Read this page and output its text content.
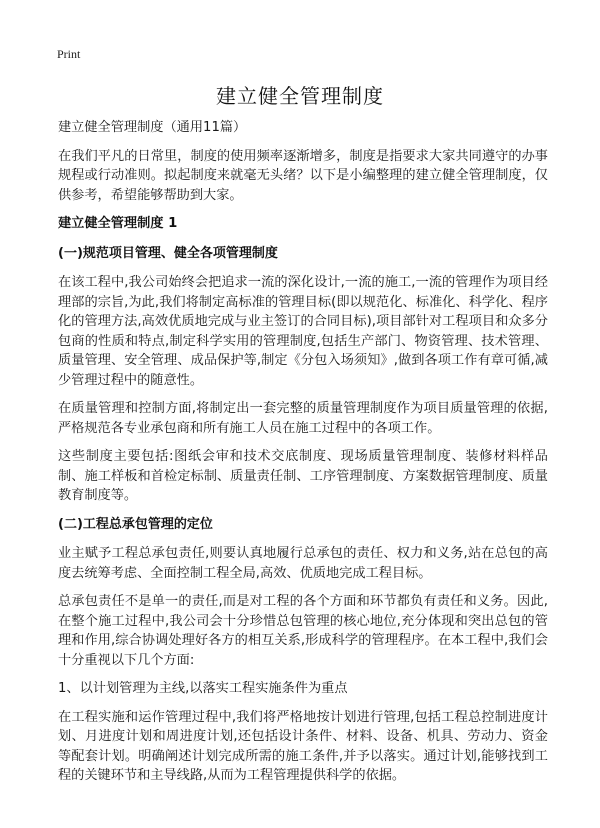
Print
建立健全管理制度
建立健全管理制度（通用11篇）

在我们平凡的日常里，制度的使用频率逐渐增多，制度是指要求大家共同遵守的办事规程或行动准则。拟起制度来就毫无头绪？以下是小编整理的建立健全管理制度，仅供参考，希望能够帮助到大家。

建立健全管理制度 1
(一)规范项目管理、健全各项管理制度

在该工程中,我公司始终会把追求一流的深化设计,一流的施工,一流的管理作为项目经理部的宗旨,为此,我们将制定高标准的管理目标(即以规范化、标准化、科学化、程序化的管理方法,高效优质地完成与业主签订的合同目标),项目部针对工程项目和众多分包商的性质和特点,制定科学实用的管理制度,包括生产部门、物资管理、技术管理、质量管理、安全管理、成品保护等,制定《分包入场须知》,做到各项工作有章可循,减少管理过程中的随意性。

在质量管理和控制方面,将制定出一套完整的质量管理制度作为项目质量管理的依据,严格规范各专业承包商和所有施工人员在施工过程中的各项工作。

这些制度主要包括:图纸会审和技术交底制度、现场质量管理制度、装修材料样品制、施工样板和首检定标制、质量责任制、工序管理制度、方案数据管理制度、质量教育制度等。

(二)工程总承包管理的定位

业主赋予工程总承包责任,则要认真地履行总承包的责任、权力和义务,站在总包的高度去统筹考虑、全面控制工程全局,高效、优质地完成工程目标。

总承包责任不是单一的责任,而是对工程的各个方面和环节都负有责任和义务。因此,在整个施工过程中,我公司会十分珍惜总包管理的核心地位,充分体现和突出总包的管理和作用,综合协调处理好各方的相互关系,形成科学的管理程序。在本工程中,我们会十分重视以下几个方面:

1、以计划管理为主线,以落实工程实施条件为重点

在工程实施和运作管理过程中,我们将严格地按计划进行管理,包括工程总控制进度计划、月进度计划和周进度计划,还包括设计条件、材料、设备、机具、劳动力、资金等配套计划。明确阐述计划完成所需的施工条件,并予以落实。通过计划,能够找到工程的关键环节和主导线路,从而为工程管理提供科学的依据。
